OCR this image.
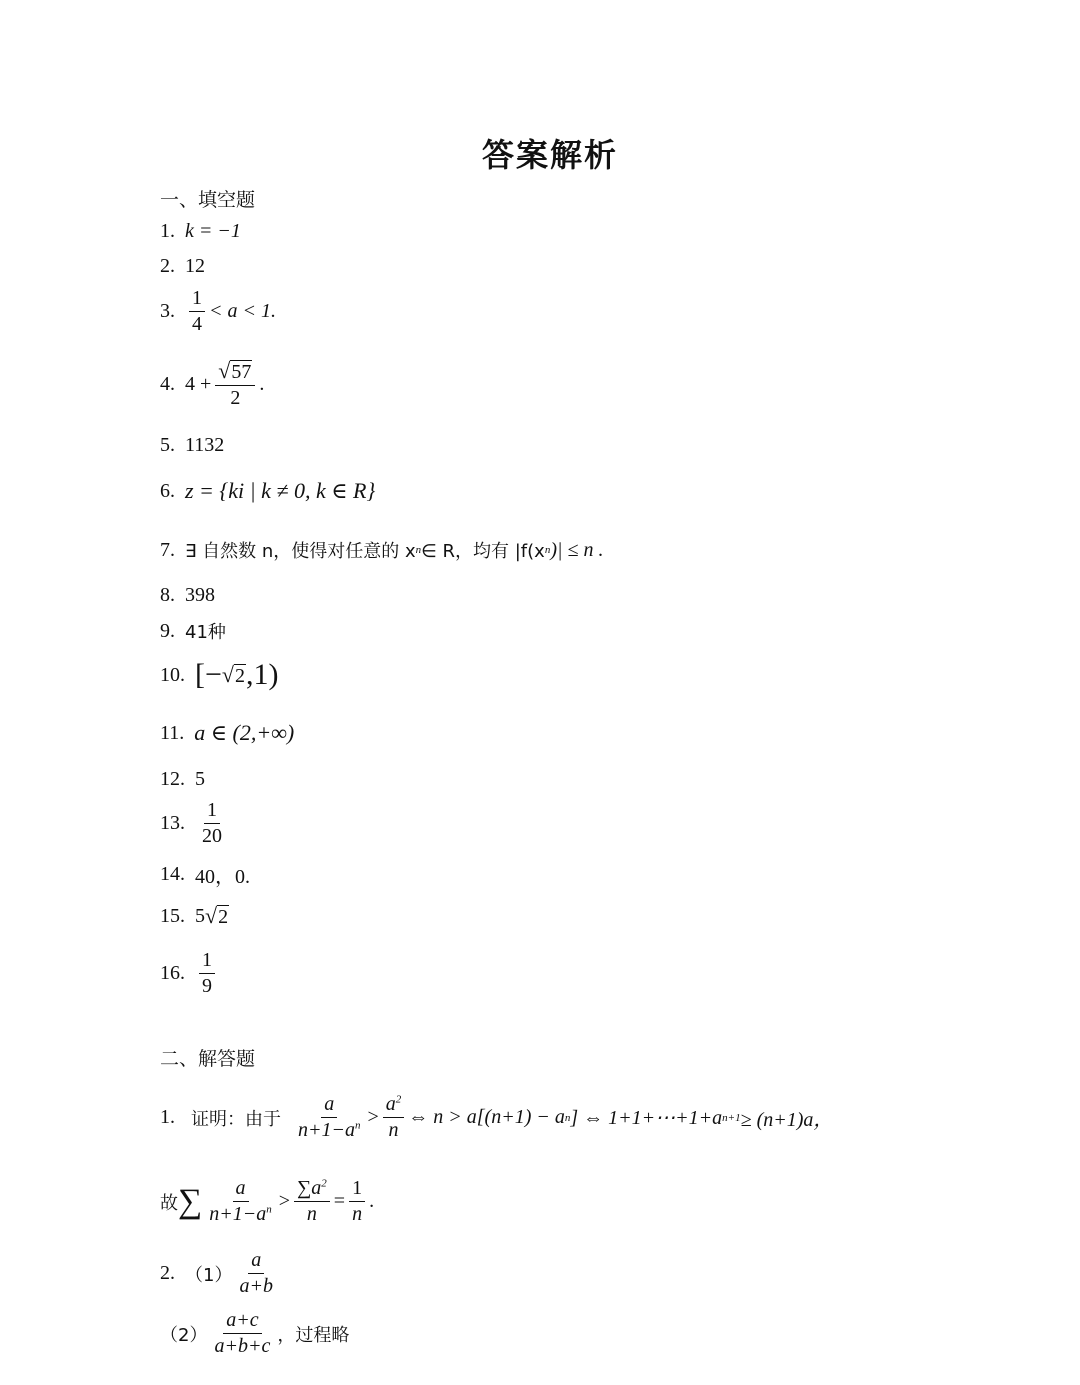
答案解析
一、填空题
1. k = −1
2. 12
3. $\frac{1}{4} < a < 1$.
4. $4 + \frac{√ 57}{2}$ .
5. 1132
6. z = {ki | k ≠ 0, k ∈ R}
7. ∃ 自然数 n，使得对任意的 x n ∈ R，均有 |f(x n )| ≤ n .
8. 398
9. 41种
10. [− √ 2 ,1)
11. a ∈ (2,+∞)
12. 5
13. $\frac{1}{20}$
14. 40，0.
15. 5 √ 2
16. $\frac{1}{9}$
二、解答题
1. 证明：由于 $\frac{a}{n+1-a^n} > \frac{a^2}{n}$ ⇔ n > a[(n+1) − a n ] ⇔ 1+1+⋯+1+a n+1 ≥ (n+1)a，
故 ∑ $\frac{a}{n+1-a^n} > \frac{\sum a^2}{n} = \frac{1}{n}$ .
2. $(1) \frac{a}{a+b}$
$(2) \frac{a+c}{a+b+c}$ ，过程略
